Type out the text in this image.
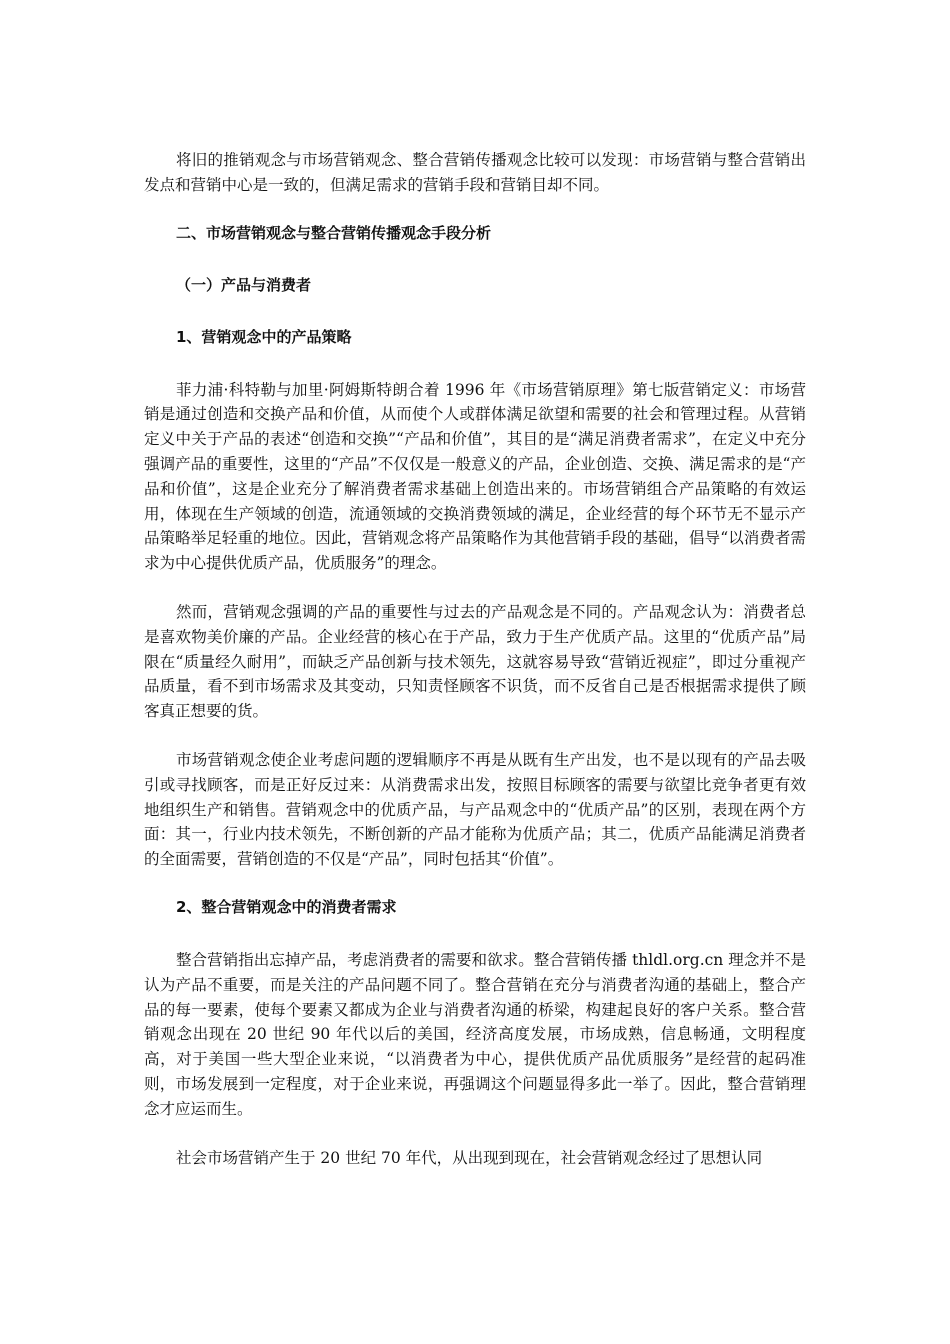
将旧的推销观念与市场营销观念、整合营销传播观念比较可以发现：市场营销与整合营销出发点和营销中心是一致的，但满足需求的营销手段和营销目却不同。

二、市场营销观念与整合营销传播观念手段分析
（一）产品与消费者
1、营销观念中的产品策略

菲力浦·科特勒与加里·阿姆斯特朗合着 1996 年《市场营销原理》第七版营销定义：市场营销是通过创造和交换产品和价值，从而使个人或群体满足欲望和需要的社会和管理过程。从营销定义中关于产品的表述“创造和交换”“产品和价值”，其目的是“满足消费者需求”，在定义中充分强调产品的重要性，这里的“产品”不仅仅是一般意义的产品，企业创造、交换、满足需求的是“产品和价值”，这是企业充分了解消费者需求基础上创造出来的。市场营销组合产品策略的有效运用，体现在生产领域的创造，流通领域的交换消费领域的满足，企业经营的每个环节无不显示产品策略举足轻重的地位。因此，营销观念将产品策略作为其他营销手段的基础，倡导“以消费者需求为中心提供优质产品，优质服务”的理念。

然而，营销观念强调的产品的重要性与过去的产品观念是不同的。产品观念认为：消费者总是喜欢物美价廉的产品。企业经营的核心在于产品，致力于生产优质产品。这里的“优质产品”局限在“质量经久耐用”，而缺乏产品创新与技术领先，这就容易导致“营销近视症”，即过分重视产品质量，看不到市场需求及其变动，只知责怪顾客不识货，而不反省自己是否根据需求提供了顾客真正想要的货。

市场营销观念使企业考虑问题的逻辑顺序不再是从既有生产出发，也不是以现有的产品去吸引或寻找顾客，而是正好反过来：从消费需求出发，按照目标顾客的需要与欲望比竞争者更有效地组织生产和销售。营销观念中的优质产品，与产品观念中的“优质产品”的区别，表现在两个方面：其一，行业内技术领先，不断创新的产品才能称为优质产品；其二，优质产品能满足消费者的全面需要，营销创造的不仅是“产品”，同时包括其“价值”。

2、整合营销观念中的消费者需求

整合营销指出忘掉产品，考虑消费者的需要和欲求。整合营销传播 thldl.org.cn 理念并不是认为产品不重要，而是关注的产品问题不同了。整合营销在充分与消费者沟通的基础上，整合产品的每一要素，使每个要素又都成为企业与消费者沟通的桥梁，构建起良好的客户关系。整合营销观念出现在 20 世纪 90 年代以后的美国，经济高度发展，市场成熟，信息畅通，文明程度高，对于美国一些大型企业来说，“以消费者为中心，提供优质产品优质服务”是经营的起码准则，市场发展到一定程度，对于企业来说，再强调这个问题显得多此一举了。因此，整合营销理念才应运而生。

社会市场营销产生于 20 世纪 70 年代，从出现到现在，社会营销观念经过了思想认同
